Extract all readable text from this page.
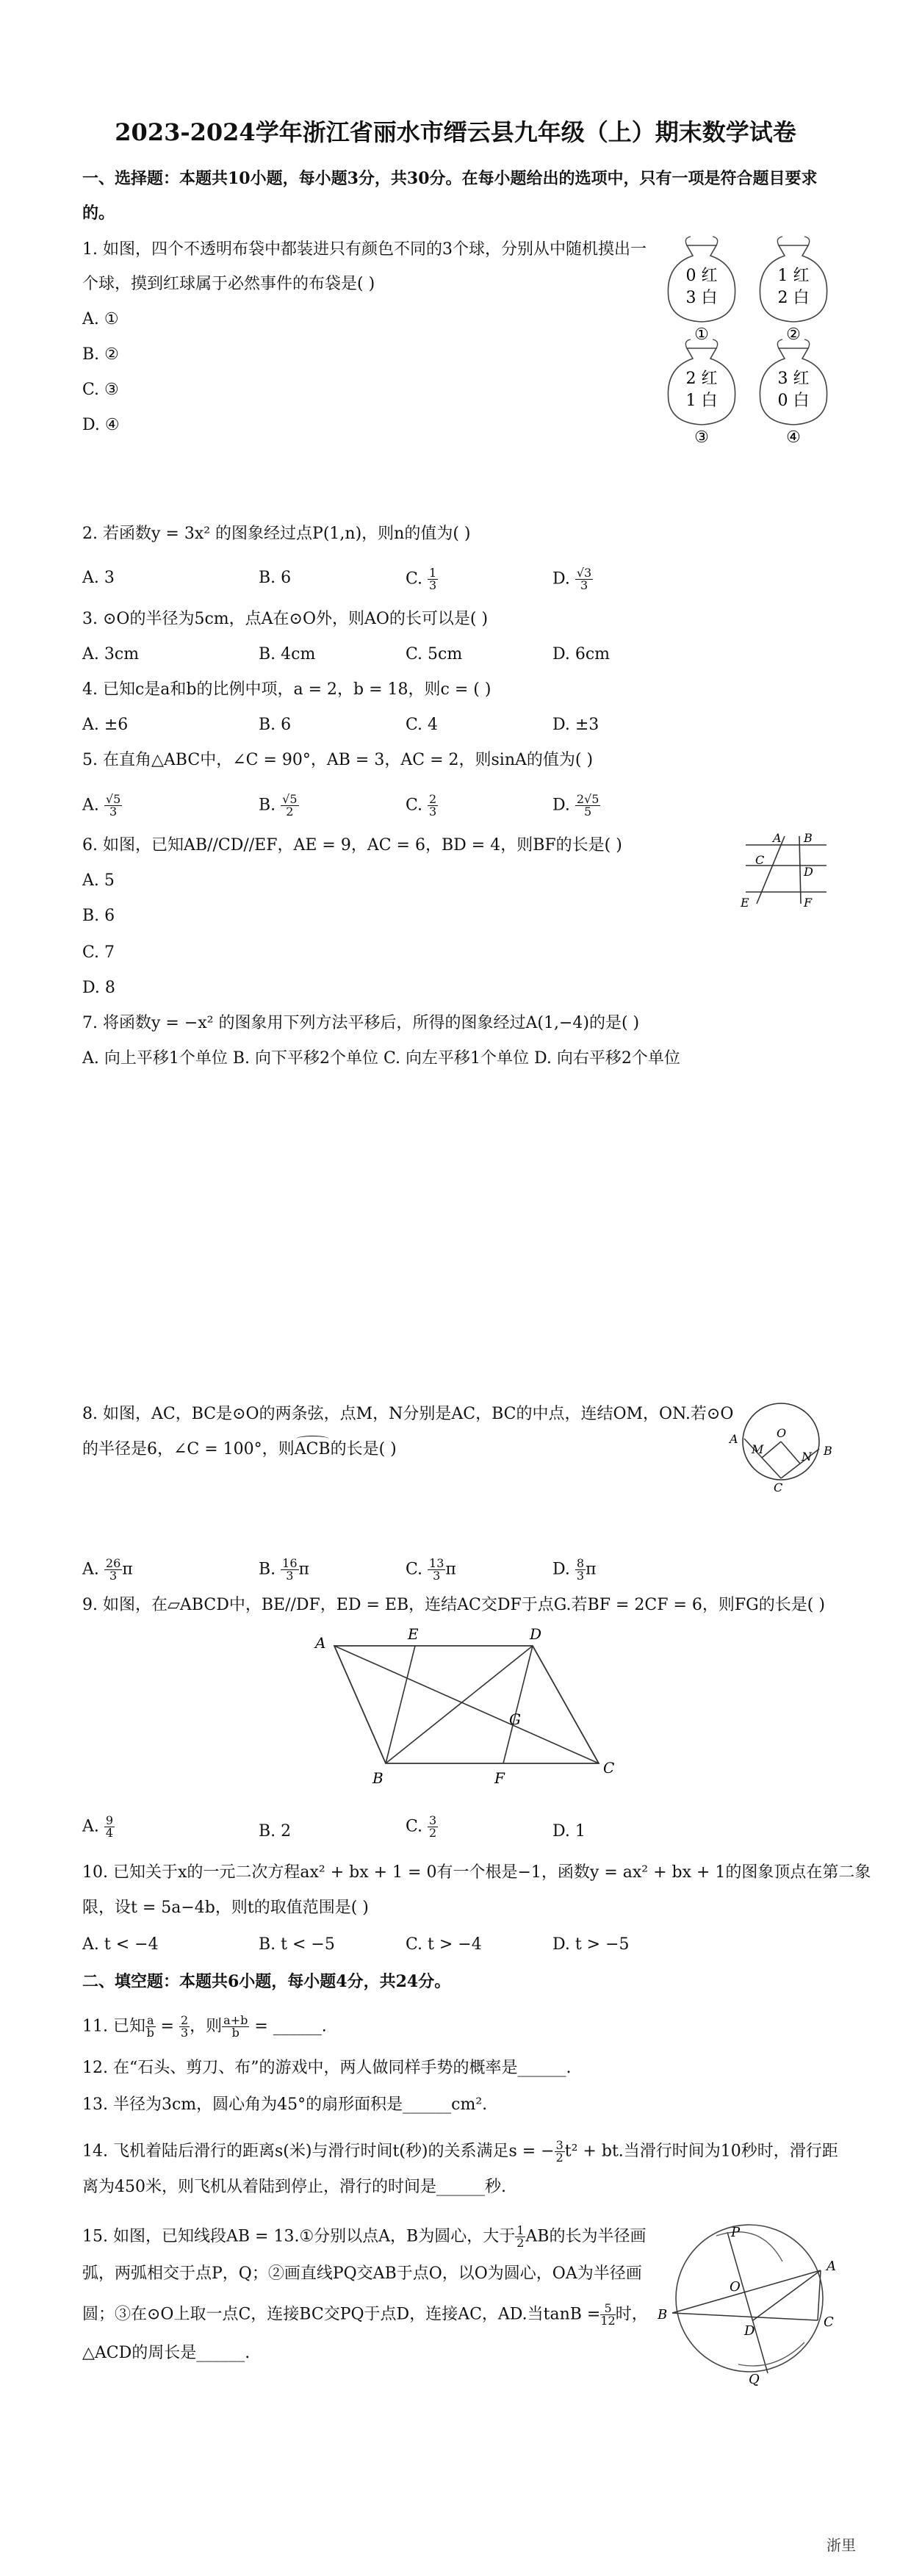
2023-2024学年浙江省丽水市缙云县九年级（上）期末数学试卷
一、选择题：本题共10小题，每小题3分，共30分。在每小题给出的选项中，只有一项是符合题目要求
的。
1. 如图，四个不透明布袋中都装进只有颜色不同的3个球，分别从中随机摸出一
个球，摸到红球属于必然事件的布袋是( )
A. ①
B. ②
C. ③
D. ④
0 红
3 白
①
1 红
2 白
②
2 红
1 白
③
3 红
0 白
④
2. 若函数y = 3x² 的图象经过点P(1,n)，则n的值为( )
A. 3	B. 6	C. $\frac{1}{3}$	D. $\frac{√3}{3}$
3. ⊙O的半径为5cm，点A在⊙O外，则AO的长可以是( )
A. 3cm	B. 4cm	C. 5cm	D. 6cm
4. 已知c是a和b的比例中项，a = 2，b = 18，则c = ( )
A. ±6	B. 6	C. 4	D. ±3
5. 在直角△ABC中，∠C = 90°，AB = 3，AC = 2，则sinA的值为( )
A. $\frac{√5}{3}$	B. $\frac{√5}{2}$	C. $\frac{2}{3}$	D. $\frac{2√5}{5}$
6. 如图，已知AB//CD//EF，AE = 9，AC = 6，BD = 4，则BF的长是( )
A. 5
B. 6
C. 7
D. 8
A B
C
D
E	F
7. 将函数y = −x² 的图象用下列方法平移后，所得的图象经过A(1,−4)的是( )
A. 向上平移1个单位 B. 向下平移2个单位 C. 向左平移1个单位 D. 向右平移2个单位
8. 如图，AC，BC是⊙O的两条弦，点M，N分别是AC，BC的中点，连结OM，ON.若⊙O
的半径是6，∠C = 100°，则
ACB的长是( )
A
M
O
N B
C
A. $\frac{26}{3}$ π	B. $\frac{16}{3}$ π	C. $\frac{13}{3}$ π	D. $\frac{8}{3}$ π
9. 如图，在▱ABCD中，BE//DF，ED = EB，连结AC交DF于点G.若BF = 2CF = 6，则FG的长是( )
A	E	D
G
B	F
C
A. $\frac{9}{4}$	B. 2	C. $\frac{3}{2}$	D. 1
10. 已知关于x的一元二次方程ax² + bx + 1 = 0有一个根是−1，函数y = ax² + bx + 1的图象顶点在第二象
限，设t = 5a−4b，则t的取值范围是( )
A. t < −4	B. t < −5	C. t > −4	D. t > −5
二、填空题：本题共6小题，每小题4分，共24分。
11. 已知 $\frac{a}{b} = \frac{2}{3}$ ，则 $\frac{a+b}{b}$ = ______.
12. 在“石头、剪刀、布”的游戏中，两人做同样手势的概率是______.
13. 半径为3cm，圆心角为45°的扇形面积是______cm².
14. 飞机着陆后滑行的距离s(米)与滑行时间t(秒)的关系满足s = − $\frac{3}{2} t^2$ + bt.当滑行时间为10秒时，滑行距
离为450米，则飞机从着陆到停止，滑行的时间是______秒.
15. 如图，已知线段AB = 13.①分别以点A，B为圆心，大于 $\frac{1}{2}$ AB的长为半径画
弧，两弧相交于点P，Q；②画直线PQ交AB于点O，以O为圆心，OA为半径画
圆；③在⊙O上取一点C，连接BC交PQ于点D，连接AC，AD.当$\tan B = \frac{5}{12}$ 时，
△ACD的周长是______.
P
A
O
B	C
D
Q
浙里
